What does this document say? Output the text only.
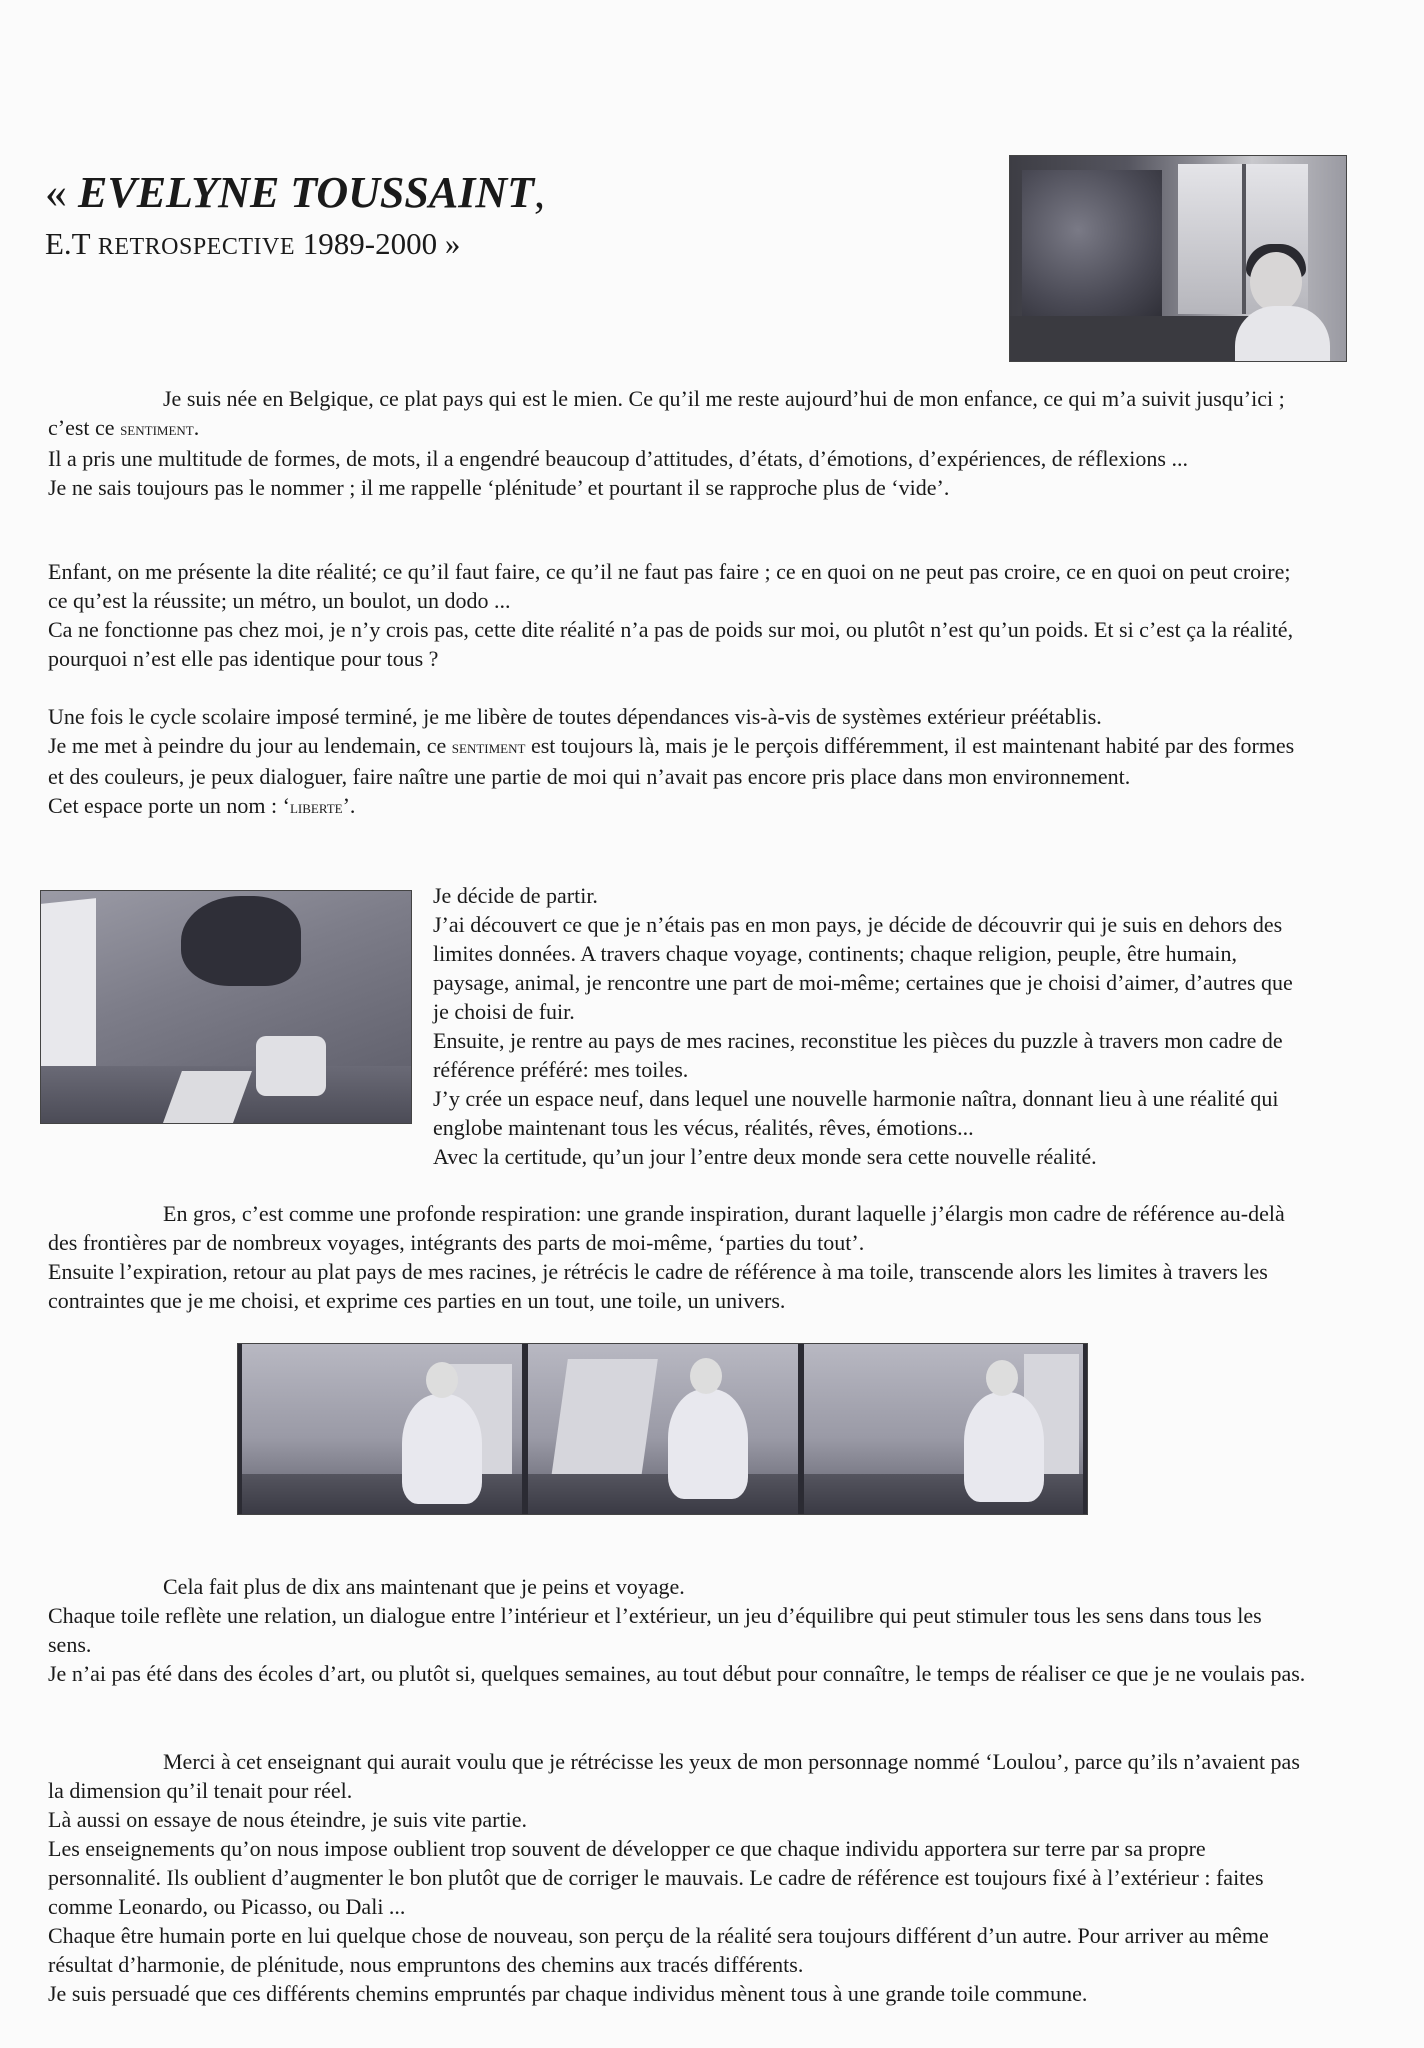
« EVELYNE TOUSSAINT,

E.T RETROSPECTIVE 1989-2000 »

Je suis née en Belgique, ce plat pays qui est le mien. Ce qu’il me reste aujourd’hui de mon enfance, ce qui m’a suivit jusqu’ici ; c’est ce sentiment.

Il a pris une multitude de formes, de mots, il a engendré beaucoup d’attitudes, d’états, d’émotions, d’expériences, de réflexions ...

Je ne sais toujours pas le nommer ; il me rappelle ‘plénitude’ et pourtant il se rapproche plus de ‘vide’.

Enfant, on me présente la dite réalité; ce qu’il faut faire, ce qu’il ne faut pas faire ; ce en quoi on ne peut pas croire, ce en quoi on peut croire; ce qu’est la réussite; un métro, un boulot, un dodo ...

Ca ne fonctionne pas chez moi, je n’y crois pas, cette dite réalité n’a pas de poids sur moi, ou plutôt n’est qu’un poids. Et si c’est ça la réalité, pourquoi n’est elle pas identique pour tous ?

Une fois le cycle scolaire imposé terminé, je me libère de toutes dépendances vis-à-vis de systèmes extérieur préétablis.

Je me met à peindre du jour au lendemain, ce sentiment est toujours là, mais je le perçois différemment, il est maintenant habité par des formes et des couleurs, je peux dialoguer, faire naître une partie de moi qui n’avait pas encore pris place dans mon environnement.

Cet espace porte un nom : ‘liberte’.

Je décide de partir.

J’ai découvert ce que je n’étais pas en mon pays, je décide de découvrir qui je suis en dehors des limites données. A travers chaque voyage, continents; chaque religion, peuple, être humain, paysage, animal, je rencontre une part de moi-même; certaines que je choisi d’aimer, d’autres que je choisi de fuir.

Ensuite, je rentre au pays de mes racines, reconstitue les pièces du puzzle à travers mon cadre de référence préféré: mes toiles.

J’y crée un espace neuf, dans lequel une nouvelle harmonie naîtra, donnant lieu à une réalité qui englobe maintenant tous les vécus, réalités, rêves, émotions...

Avec la certitude, qu’un jour l’entre deux monde sera cette nouvelle réalité.

En gros, c’est comme une profonde respiration: une grande inspiration, durant laquelle j’élargis mon cadre de référence au-delà des frontières par de nombreux voyages, intégrants des parts de moi-même, ‘parties du tout’.

Ensuite l’expiration, retour au plat pays de mes racines, je rétrécis le cadre de référence à ma toile, transcende alors les limites à travers les contraintes que je me choisi, et exprime ces parties en un tout, une toile, un univers.

Cela fait plus de dix ans maintenant que je peins et voyage.

Chaque toile reflète une relation, un dialogue entre l’intérieur et l’extérieur, un jeu d’équilibre qui peut stimuler tous les sens dans tous les sens.

Je n’ai pas été dans des écoles d’art, ou plutôt si, quelques semaines, au tout début pour connaître, le temps de réaliser ce que je ne voulais pas.

Merci à cet enseignant qui aurait voulu que je rétrécisse les yeux de mon personnage nommé ‘Loulou’, parce qu’ils n’avaient pas la dimension qu’il tenait pour réel.

Là aussi on essaye de nous éteindre, je suis vite partie.

Les enseignements qu’on nous impose oublient trop souvent de développer ce que chaque individu apportera sur terre par sa propre personnalité. Ils oublient d’augmenter le bon plutôt que de corriger le mauvais. Le cadre de référence est toujours fixé à l’extérieur : faites comme Leonardo, ou Picasso, ou Dali ...

Chaque être humain porte en lui quelque chose de nouveau, son perçu de la réalité sera toujours différent d’un autre. Pour arriver au même résultat d’harmonie, de plénitude, nous empruntons des chemins aux tracés différents.

Je suis persuadé que ces différents chemins empruntés par chaque individus mènent tous à une grande toile commune.
